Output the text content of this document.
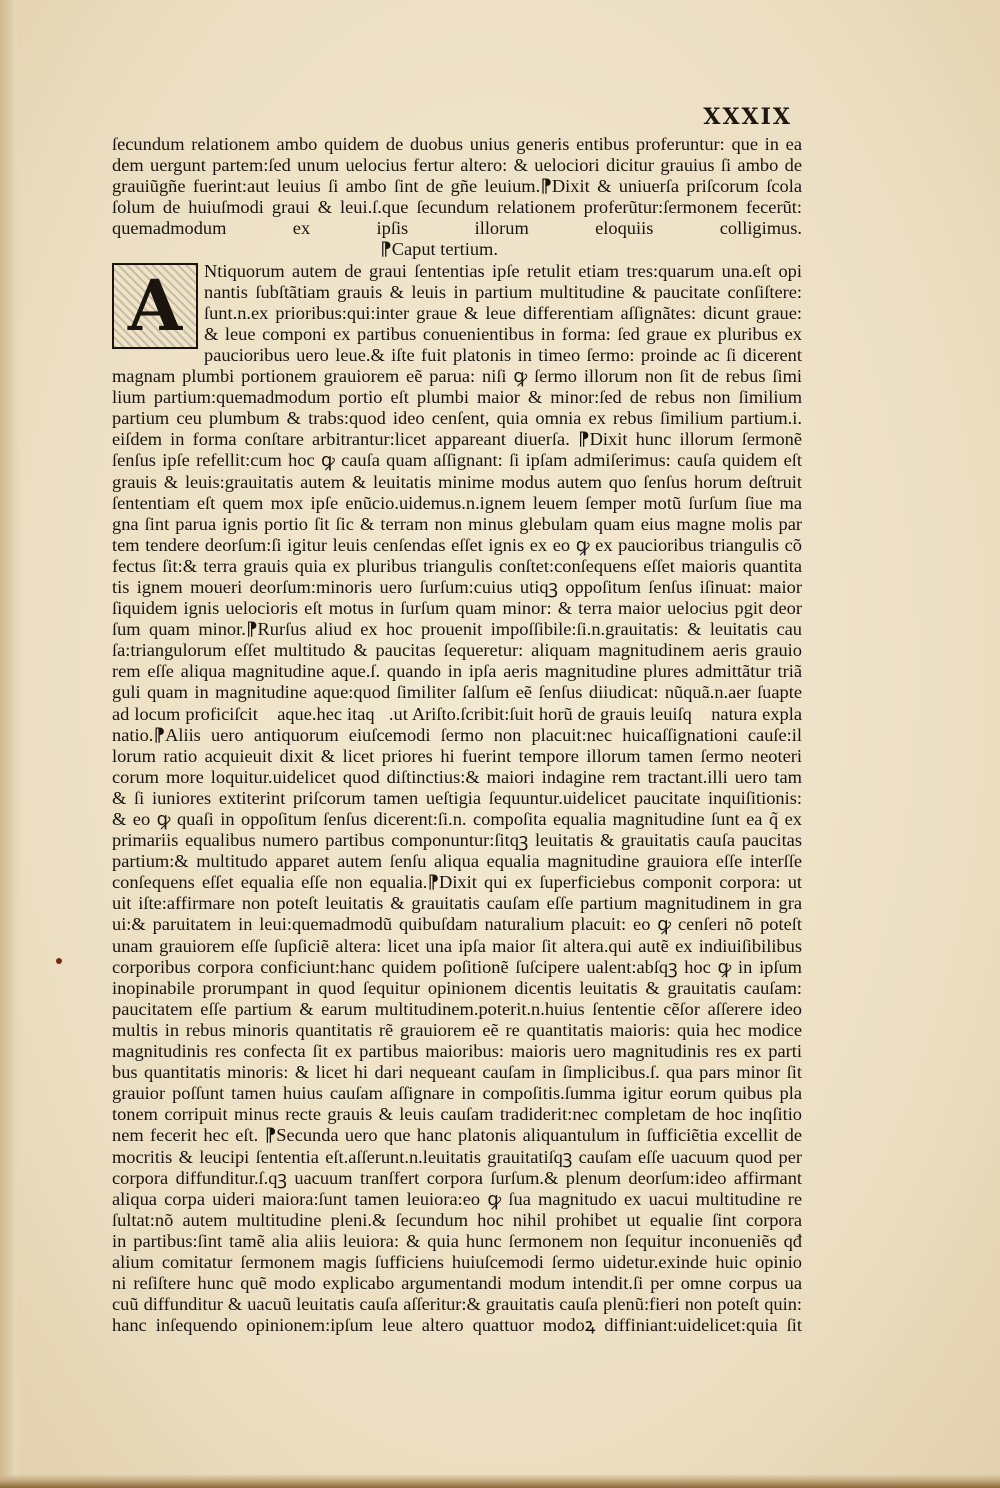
XXXIX
A
ſecundum relationem ambo quidem de duobus unius generis entibus proferuntur: que in ea
dem uergunt partem:ſed unum uelocius fertur altero: & uelociori dicitur grauius ſi ambo de
grauiũgñe fuerint:aut leuius ſi ambo ſint de gñe leuium.⁋Dixit & uniuerſa priſcorum ſcola
ſolum de huiuſmodi graui & leui.ſ.que ſecundum relationem proferũtur:ſermonem fecerũt:
quemadmodum ex ipſis illorum eloquiis colligimus.
⁋Caput tertium.
Ntiquorum autem de graui ſententias ipſe retulit etiam tres:quarum una.eſt opi
nantis ſubſtãtiam grauis & leuis in partium multitudine & paucitate conſiſtere:
ſunt.n.ex prioribus:qui:inter graue & leue differentiam aſſignãtes: dicunt graue:
& leue componi ex partibus conuenientibus in forma: ſed graue ex pluribus ex
paucioribus uero leue.& iſte fuit platonis in timeo ſermo: proinde ac ſi dicerent
magnam plumbi portionem grauiorem eẽ parua: niſi ꝙ ſermo illorum non ſit de rebus ſimi
lium partium:quemadmodum portio eſt plumbi maior & minor:ſed de rebus non ſimilium
partium ceu plumbum & trabs:quod ideo cenſent, quia omnia ex rebus ſimilium partium.i.
eiſdem in forma conſtare arbitrantur:licet appareant diuerſa. ⁋Dixit hunc illorum ſermonẽ
ſenſus ipſe refellit:cum hoc ꝙ cauſa quam aſſignant: ſi ipſam admiſerimus: cauſa quidem eſt
grauis & leuis:grauitatis autem & leuitatis minime modus autem quo ſenſus horum deſtruit
ſententiam eſt quem mox ipſe enũcio.uidemus.n.ignem leuem ſemper motũ ſurſum ſiue ma
gna ſint parua ignis portio ſit ſic & terram non minus glebulam quam eius magne molis par
tem tendere deorſum:ſi igitur leuis cenſendas eſſet ignis ex eo ꝙ ex paucioribus triangulis cõ
fectus ſit:& terra grauis quia ex pluribus triangulis conſtet:conſequens eſſet maioris quantita
tis ignem moueri deorſum:minoris uero ſurſum:cuius utiqꝫ oppoſitum ſenſus iſinuat: maior
ſiquidem ignis uelocioris eſt motus in ſurſum quam minor: & terra maior uelocius pgit deor
ſum quam minor.⁋Rurſus aliud ex hoc prouenit impoſſibile:ſi.n.grauitatis: & leuitatis cau
ſa:triangulorum eſſet multitudo & paucitas ſequeretur: aliquam magnitudinem aeris grauio
rem eſſe aliqua magnitudine aque.ſ. quando in ipſa aeris magnitudine plures admittãtur triã
guli quam in magnitudine aque:quod ſimiliter ſalſum eẽ ſenſus diiudicat: nũquã.n.aer ſuapte
ad locum proficiſcit᷑ aque.hec itaqꝫ.ut Ariſto.ſcribit:ſuit horũ de grauis leuiſqꝫ natura expla
natio.⁋Aliis uero antiquorum eiuſcemodi ſermo non placuit:nec huicaſſignationi cauſe:il
lorum ratio acquieuit dixit & licet priores hi fuerint tempore illorum tamen ſermo neoteri
corum more loquitur.uidelicet quod diſtinctius:& maiori indagine rem tractant.illi uero tam
& ſi iuniores extiterint priſcorum tamen ueſtigia ſequuntur.uidelicet paucitate inquiſitionis:
& eo ꝙ quaſi in oppoſitum ſenſus dicerent:ſi.n. compoſita equalia magnitudine ſunt ea q̃ ex
primariis equalibus numero partibus componuntur:ſitqꝫ leuitatis & grauitatis cauſa paucitas
partium:& multitudo apparet autem ſenſu aliqua equalia magnitudine grauiora eſſe interſſe
conſequens eſſet equalia eſſe non equalia.⁋Dixit qui ex ſuperficiebus componit corpora: ut
uit iſte:affirmare non poteſt leuitatis & grauitatis cauſam eſſe partium magnitudinem in gra
ui:& paruitatem in leui:quemadmodũ quibuſdam naturalium placuit: eo ꝙ cenſeri nõ poteſt
unam grauiorem eſſe ſupſiciẽ altera: licet una ipſa maior ſit altera.qui autẽ ex indiuiſibilibus
corporibus corpora conficiunt:hanc quidem poſitionẽ ſuſcipere ualent:abſqꝫ hoc ꝙ in ipſum
inopinabile prorumpant in quod ſequitur opinionem dicentis leuitatis & grauitatis cauſam:
paucitatem eſſe partium & earum multitudinem.poterit.n.huius ſententie cẽſor aſſerere ideo
multis in rebus minoris quantitatis rẽ grauiorem eẽ re quantitatis maioris: quia hec modice
magnitudinis res confecta ſit ex partibus maioribus: maioris uero magnitudinis res ex parti
bus quantitatis minoris: & licet hi dari nequeant cauſam in ſimplicibus.ſ. qua pars minor ſit
grauior poſſunt tamen huius cauſam aſſignare in compoſitis.ſumma igitur eorum quibus pla
tonem corripuit minus recte grauis & leuis cauſam tradiderit:nec completam de hoc inqſitio
nem fecerit hec eſt. ⁋Secunda uero que hanc platonis aliquantulum in ſufficiẽtia excellit de
mocritis & leucipi ſententia eſt.aſſerunt.n.leuitatis grauitatiſqꝫ cauſam eſſe uacuum quod per
corpora diffunditur.ſ.qꝫ uacuum tranſfert corpora ſurſum.& plenum deorſum:ideo affirmant
aliqua corpa uideri maiora:ſunt tamen leuiora:eo ꝙ ſua magnitudo ex uacui multitudine re
ſultat:nõ autem multitudine pleni.& ſecundum hoc nihil prohibet ut equalie ſint corpora
in partibus:ſint tamẽ alia aliis leuiora: & quia hunc ſermonem non ſequitur inconueniẽs qđ
alium comitatur ſermonem magis ſufficiens huiuſcemodi ſermo uidetur.exinde huic opinio
ni reſiſtere hunc quẽ modo explicabo argumentandi modum intendit.ſi per omne corpus ua
cuũ diffunditur & uacuũ leuitatis cauſa aſſeritur:& grauitatis cauſa plenũ:fieri non poteſt quin:
hanc inſequendo opinionem:ipſum leue altero quattuor modoꝝ diffiniant:uidelicet:quia ſit
